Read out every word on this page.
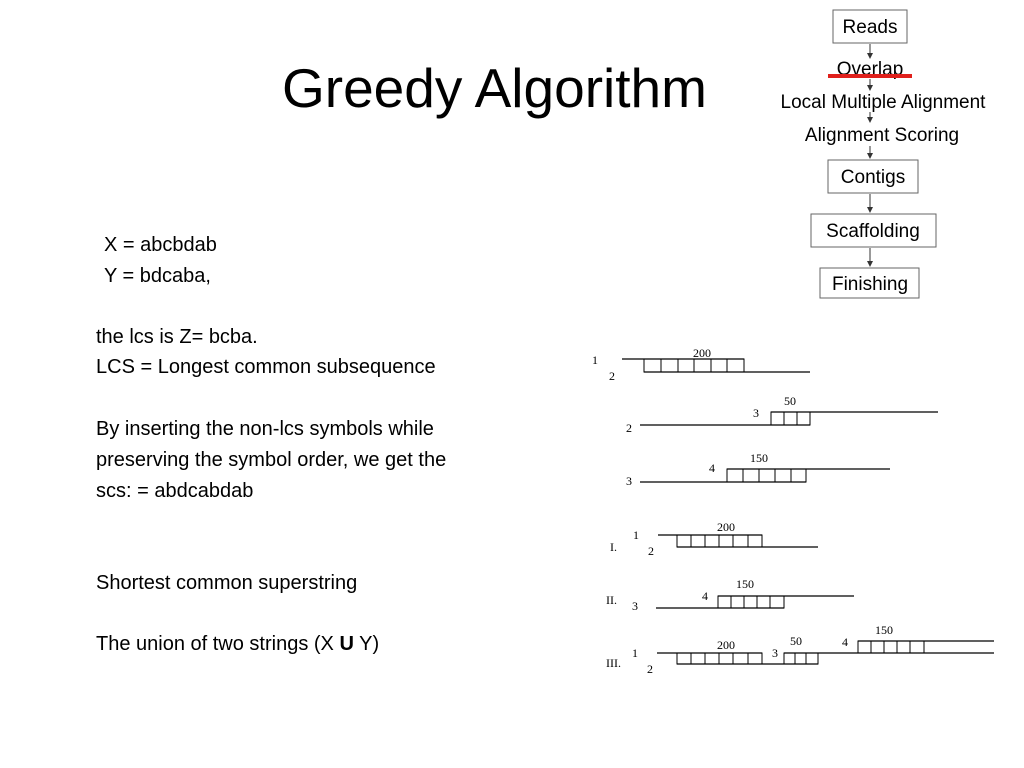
Greedy Algorithm
Reads
Overlap
Local Multiple Alignment
Alignment Scoring
Contigs
Scaffolding
Finishing
X = abcbdab
Y = bdcaba,
the lcs is Z= bcba.
LCS = Longest common subsequence
By inserting the non-lcs symbols while
preserving the symbol order, we get the
scs: = abdcabdab
Shortest common superstring
The union of two strings (X U Y)
1
2
200
3
2
50
4
3
150
I.
1
2
200
II.	4
3
150
III.
1
2
3
4
200	50
150
